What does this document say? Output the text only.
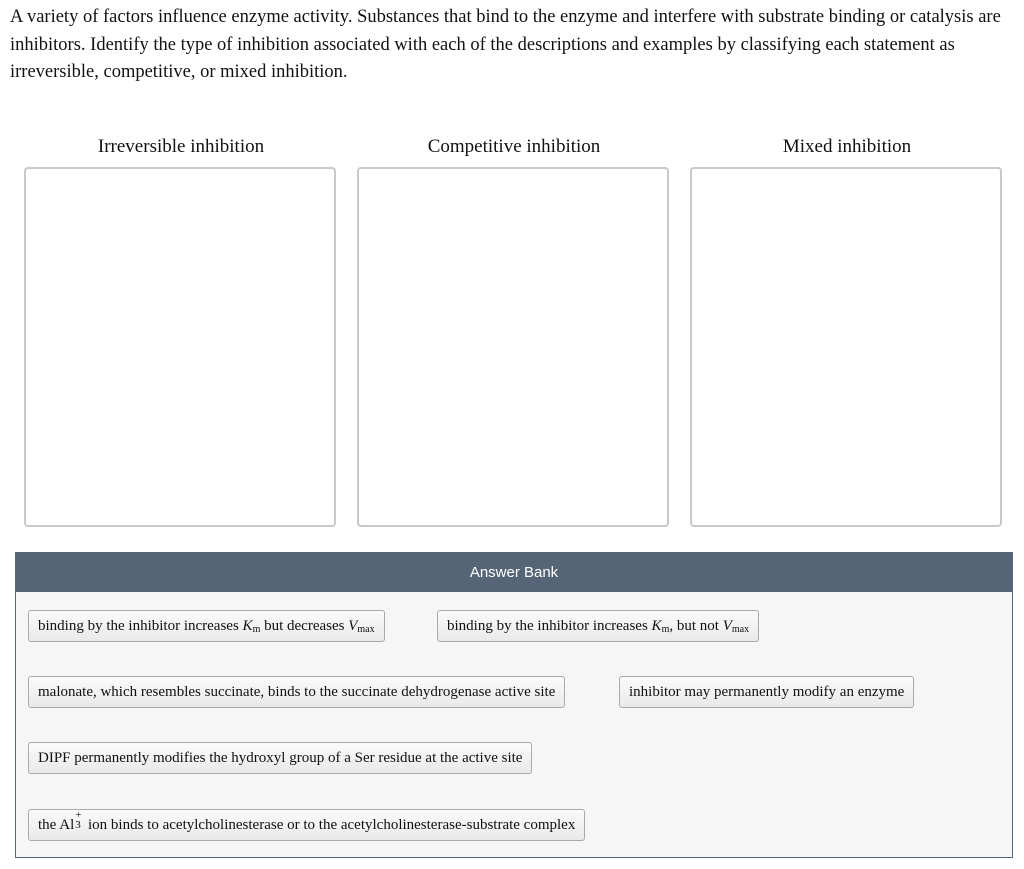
A variety of factors influence enzyme activity. Substances that bind to the enzyme and interfere with substrate binding or catalysis are inhibitors. Identify the type of inhibition associated with each of the descriptions and examples by classifying each statement as irreversible, competitive, or mixed inhibition.
Irreversible inhibition	Competitive inhibition	Mixed inhibition
Answer Bank
binding by the inhibitor increases $K_m$ but decreases $V_{max}$	binding by the inhibitor increases $K_m$, but not $V_{max}$
malonate, which resembles succinate, binds to the succinate dehydrogenase active site	inhibitor may permanently modify an enzyme
DIPF permanently modifies the hydroxyl group of a Ser residue at the active site
the Al
+
3 ion binds to acetylcholinesterase or to the acetylcholinesterase-substrate complex
